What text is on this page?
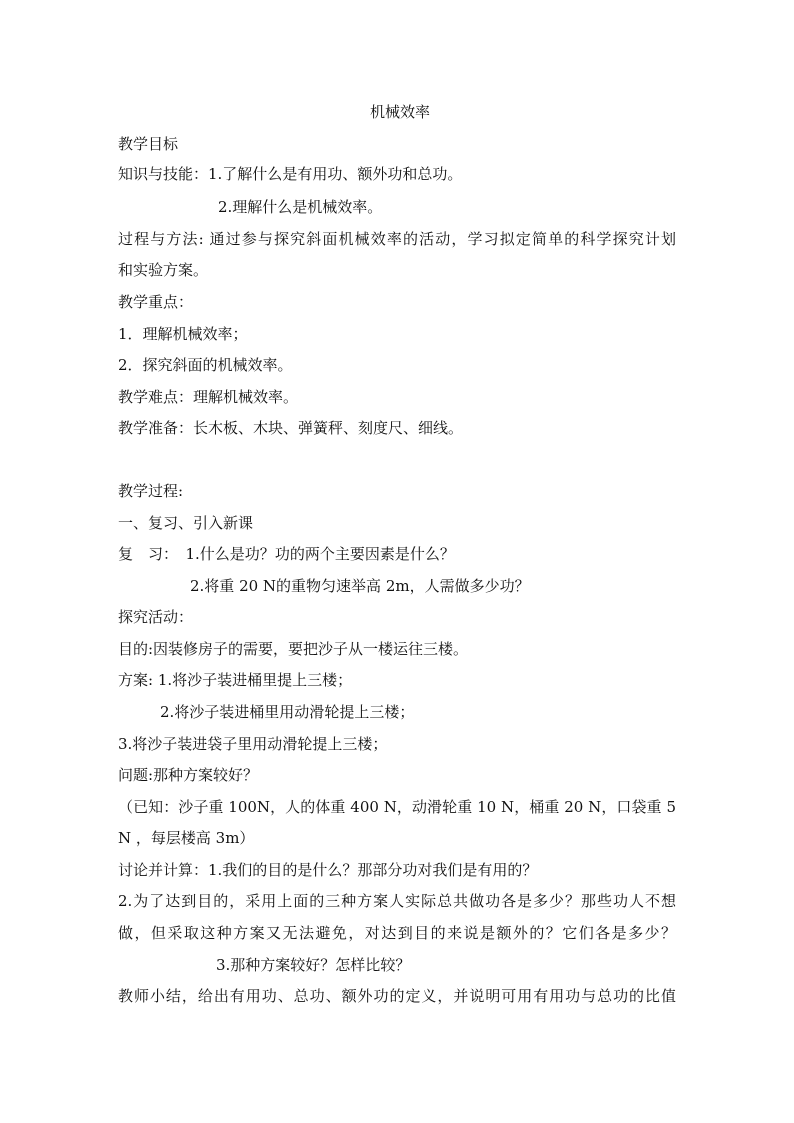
机械效率
教学目标
知识与技能：1.了解什么是有用功、额外功和总功。
2.理解什么是机械效率。
过程与方法: 通过参与探究斜面机械效率的活动，学习拟定简单的科学探究计划
和实验方案。
教学重点：
1．理解机械效率；
2．探究斜面的机械效率。
教学难点：理解机械效率。
教学准备：长木板、木块、弹簧秤、刻度尺、细线。
教学过程:
一、复习、引入新课
复　习：　1.什么是功？功的两个主要因素是什么？
2.将重 20 N的重物匀速举高 2m，人需做多少功？
探究活动：
目的:因装修房子的需要，要把沙子从一楼运往三楼。
方案: 1.将沙子装进桶里提上三楼；
2.将沙子装进桶里用动滑轮提上三楼；
3.将沙子装进袋子里用动滑轮提上三楼；
问题:那种方案较好？
（已知：沙子重 100N，人的体重 400 N，动滑轮重 10 N，桶重 20 N，口袋重 5
N ，每层楼高 3m）
讨论并计算：1.我们的目的是什么？那部分功对我们是有用的？
2.为了达到目的，采用上面的三种方案人实际总共做功各是多少？那些功人不想
做，但采取这种方案又无法避免，对达到目的来说是额外的？它们各是多少？
3.那种方案较好？怎样比较？
教师小结，给出有用功、总功、额外功的定义，并说明可用有用功与总功的比值
